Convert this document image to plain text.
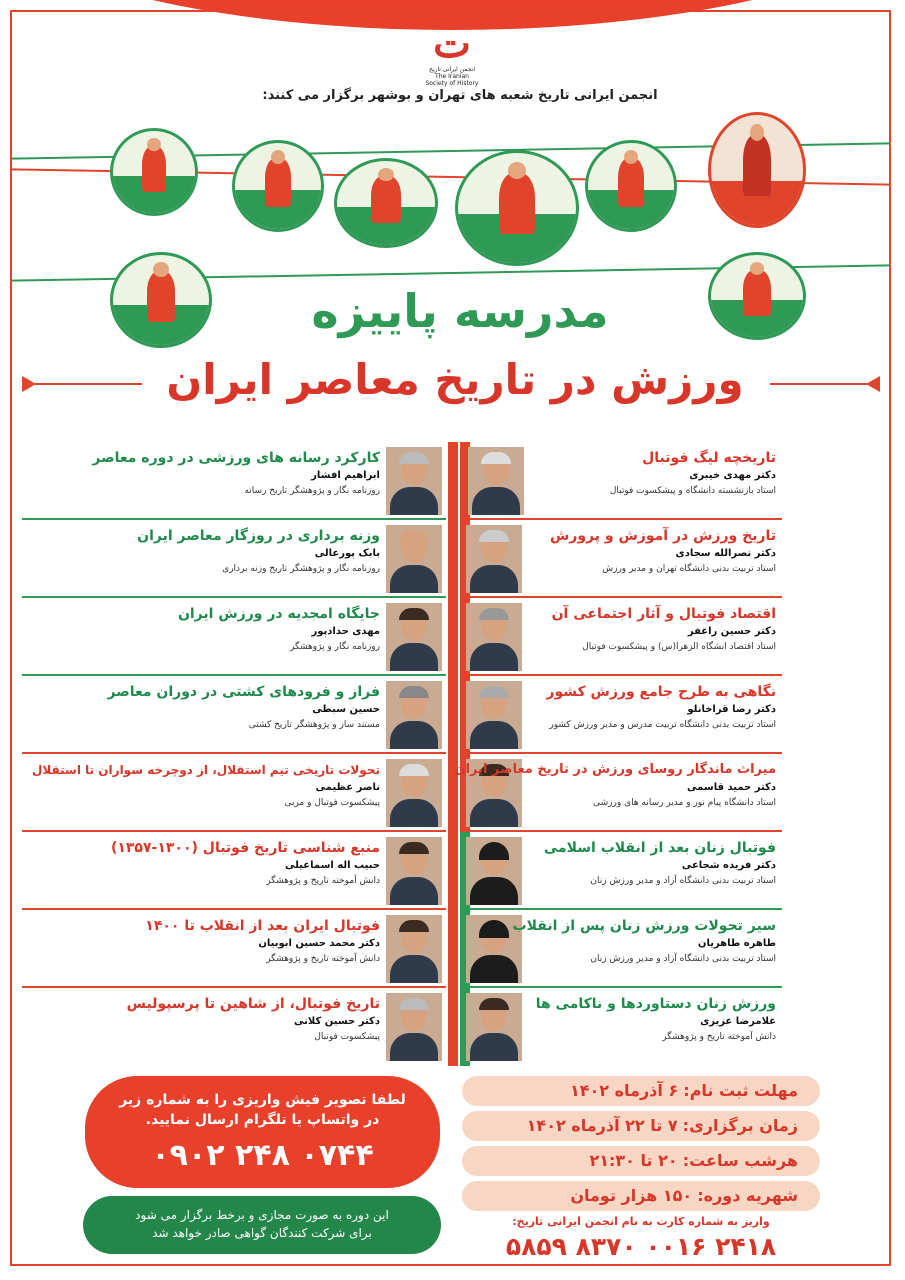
ت
انجمن ایرانی تاریخ
The Iranian
Society of History
انجمن ایرانی تاریخ شعبه های تهران و بوشهر برگزار می کنند:
مدرسه پاییزه
ورزش در تاریخ معاصر ایران
تاریخچه لیگ فوتبال
دکتر مهدی خیبری
استاد بازنشسته دانشگاه و پیشکسوت فوتبال
تاریخ ورزش در آموزش و پرورش
دکتر نصرالله سجادی
استاد تربیت بدنی دانشگاه تهران و مدیر ورزش
اقتصاد فوتبال و آثار اجتماعی آن
دکتر حسین راغفر
استاد اقتصاد انشگاه الزهرا(س) و پیشکسوت فوتبال
نگاهی به طرح جامع ورزش کشور
دکتر رضا قراخانلو
استاد تربیت بدنی دانشگاه تربیت مدرس و مدیر ورزش کشور
میراث ماندگار روسای ورزش در تاریخ معاصر ایران
دکتر حمید قاسمی
استاد دانشگاه پیام نور و مدیر رسانه های ورزشی
فوتبال زنان بعد از انقلاب اسلامی
دکتر فریده شجاعی
استاد تربیت بدنی دانشگاه آزاد و مدیر ورزش زنان
سیر تحولات ورزش زنان پس از انقلاب
طاهره طاهریان
استاد تربیت بدنی دانشگاه آزاد و مدیر ورزش زنان
ورزش زنان دستاوردها و ناکامی ها
غلامرضا عزیزی
دانش آموخته تاریخ و پژوهشگر
کارکرد رسانه های ورزشی در دوره معاصر
ابراهیم افشار
روزنامه نگار و پژوهشگر تاریخ رسانه
وزنه برداری در روزگار معاصر ایران
بابک پورعالی
روزنامه نگار و پژوهشگر تاریخ وزنه برداری
جایگاه امجدیه در ورزش ایران
مهدی حدادپور
روزنامه نگار و پژوهشگر
فراز و فرودهای کشتی در دوران معاصر
حسین سبطی
مستند ساز و پژوهشگر تاریخ کشتی
تحولات تاریخی تیم استقلال، از دوچرخه سواران تا استقلال
ناصر عظیمی
پیشکسوت فوتبال و مربی
منبع شناسی تاریخ فوتبال (۱۳۰۰-۱۳۵۷)
حبیب اله اسماعیلی
دانش آموخته تاریخ و پژوهشگر
فوتبال ایران بعد از انقلاب تا ۱۴۰۰
دکتر محمد حسین ابوبیان
دانش آموخته تاریخ و پژوهشگر
تاریخ فوتبال، از شاهین تا پرسپولیس
دکتر حسین کلانی
پیشکسوت فوتبال
لطفا تصویر فیش واریزی را به شماره زیر
در واتساپ یا تلگرام ارسال نمایید.
۰۹۰۲ ۲۴۸ ۰۷۴۴
این دوره به صورت مجازی و برخط برگزار می شود
برای شرکت کنندگان گواهی صادر خواهد شد
مهلت ثبت نام: ۶ آذرماه ۱۴۰۲
زمان برگزاری: ۷ تا ۲۲ آذرماه ۱۴۰۲
هرشب ساعت: ۲۰ تا ۲۱:۳۰
شهریه دوره: ۱۵۰ هزار تومان
واریز به شماره کارت به نام انجمن ایرانی تاریخ:
۵۸۵۹ ۸۳۷۰ ۰۰۱۶ ۲۴۱۸
